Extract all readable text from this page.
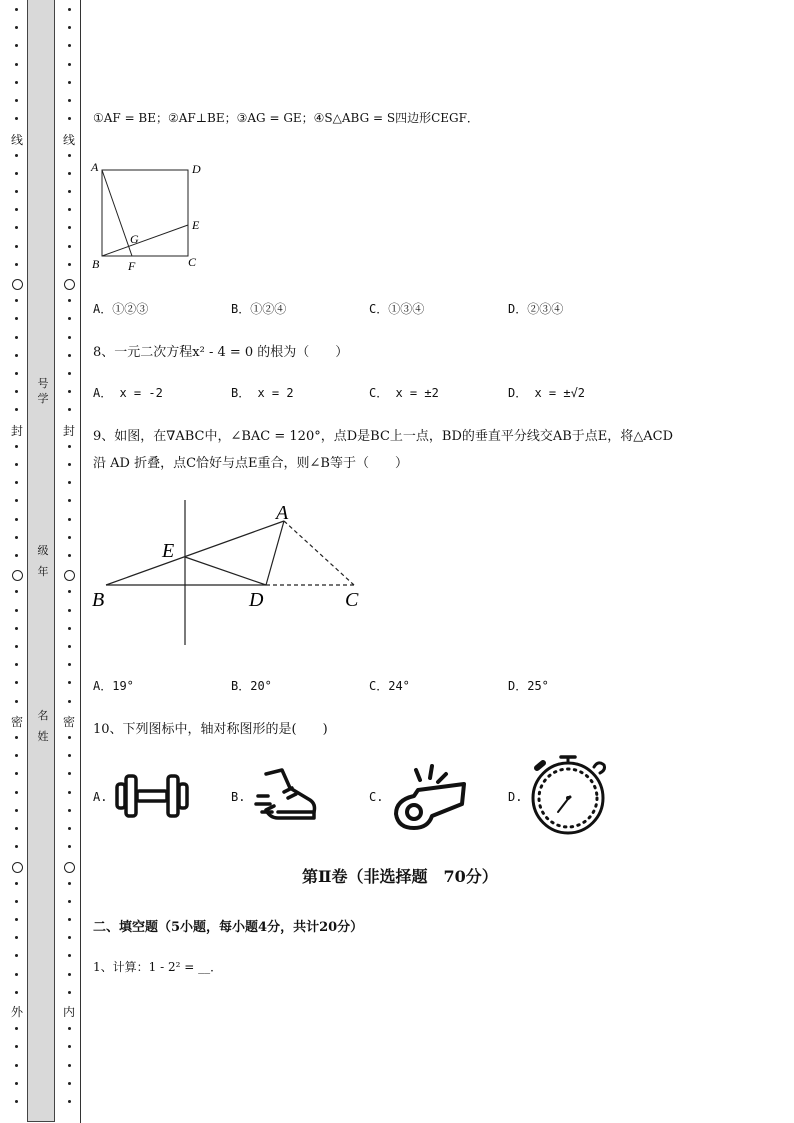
线
封
密
外
线
封
密
内
号
学
级
年
名
姓
①AF = BE；②AF⊥BE；③AG = GE；④S△ABG = S四边形CEGF．
A	D
E
G
B F	C
A．①②③	B．①②④	C．①③④	D．②③④
8、一元二次方程x² - 4 = 0 的根为（　　）
A． x = -2	B． x = 2	C． x = ±2	D． x = ±√2
9、如图，在∇ABC中，∠BAC = 120°，点D是BC上一点，BD的垂直平分线交AB于点E，将△ACD
沿 AD 折叠，点C恰好与点E重合，则∠B等于（　　）
A
E
B	D	C
A．19°	B．20°	C．24°	D．25°
10、下列图标中，轴对称图形的是(　　)
A.	B.	C.	D.
第Ⅱ卷（非选择题　70分）
二、填空题（5小题，每小题4分，共计20分）
1、计算：1 - 2² = __．
